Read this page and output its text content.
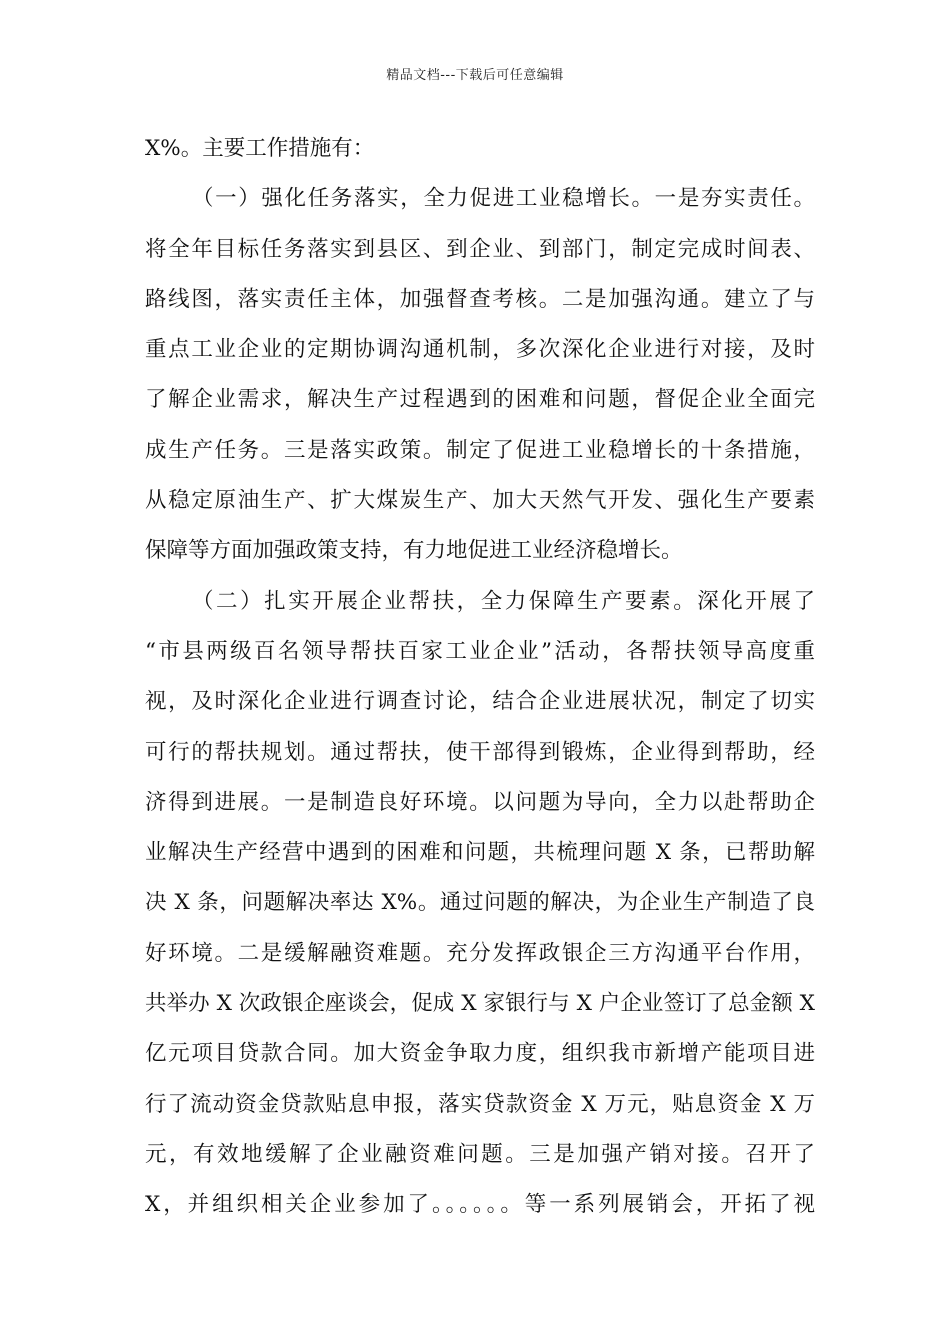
精品文档---下载后可任意编辑
X%。主要工作措施有：
（一）强化任务落实，全力促进工业稳增长。一是夯实责任。
将全年目标任务落实到县区、到企业、到部门，制定完成时间表、
路线图，落实责任主体，加强督查考核。二是加强沟通。建立了与
重点工业企业的定期协调沟通机制，多次深化企业进行对接，及时
了解企业需求，解决生产过程遇到的困难和问题，督促企业全面完
成生产任务。三是落实政策。制定了促进工业稳增长的十条措施，
从稳定原油生产、扩大煤炭生产、加大天然气开发、强化生产要素
保障等方面加强政策支持，有力地促进工业经济稳增长。
（二）扎实开展企业帮扶，全力保障生产要素。深化开展了
“市县两级百名领导帮扶百家工业企业”活动，各帮扶领导高度重
视，及时深化企业进行调查讨论，结合企业进展状况，制定了切实
可行的帮扶规划。通过帮扶，使干部得到锻炼，企业得到帮助，经
济得到进展。一是制造良好环境。以问题为导向，全力以赴帮助企
业解决生产经营中遇到的困难和问题，共梳理问题 X 条，已帮助解
决 X 条，问题解决率达 X%。通过问题的解决，为企业生产制造了良
好环境。二是缓解融资难题。充分发挥政银企三方沟通平台作用，
共举办 X 次政银企座谈会，促成 X 家银行与 X 户企业签订了总金额 X
亿元项目贷款合同。加大资金争取力度，组织我市新增产能项目进
行了流动资金贷款贴息申报，落实贷款资金 X 万元，贴息资金 X 万
元，有效地缓解了企业融资难问题。三是加强产销对接。召开了
X，并组织相关企业参加了。。。。。。等一系列展销会，开拓了视
